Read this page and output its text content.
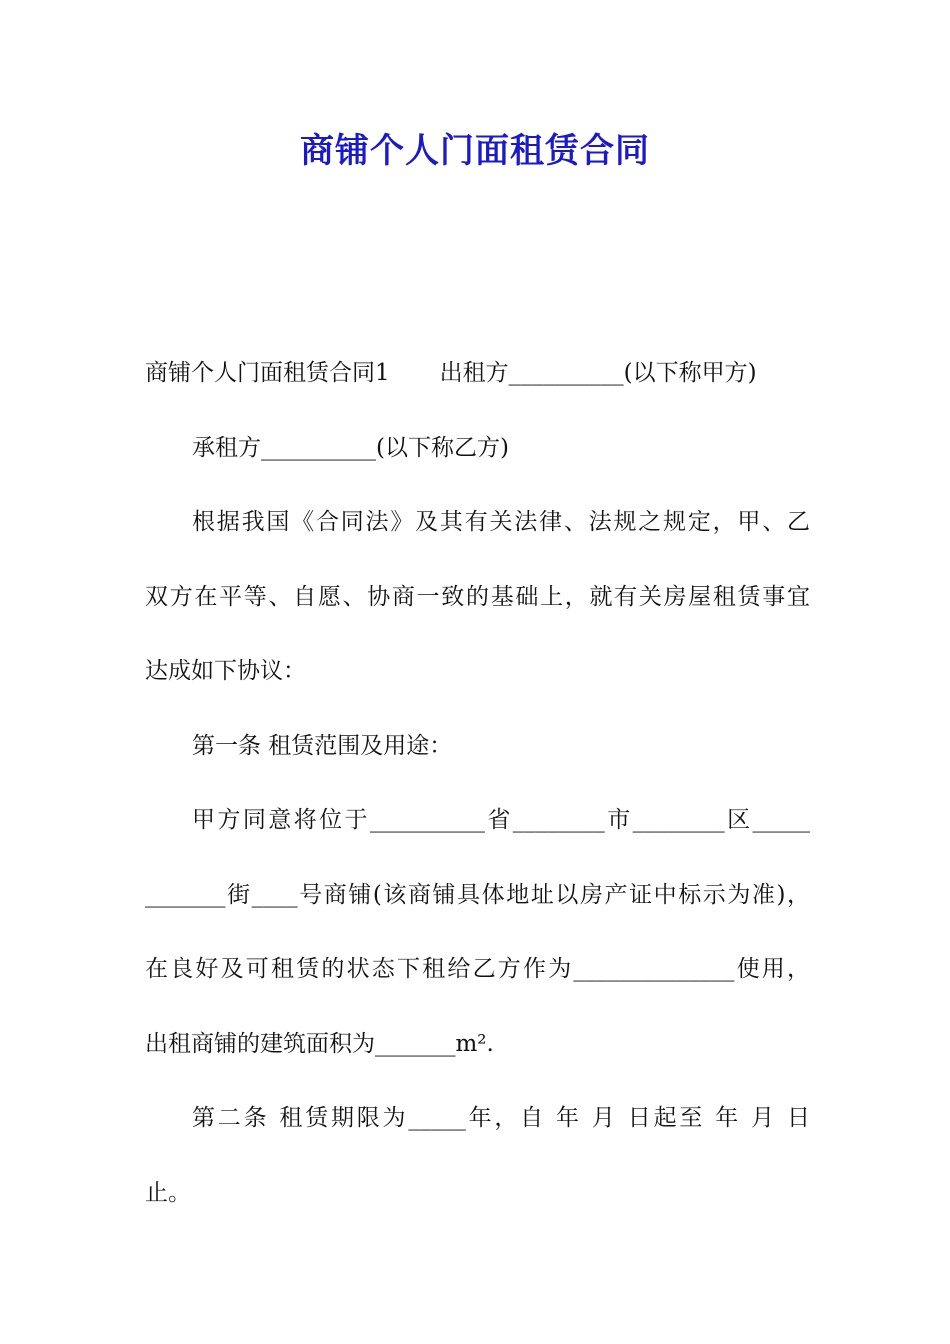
商铺个人门面租赁合同
商铺个人门面租赁合同1 出租方__________(以下称甲方)
承租方__________(以下称乙方)
根据我国《合同法》及其有关法律、法规之规定，甲、乙
双方在平等、自愿、协商一致的基础上，就有关房屋租赁事宜
达成如下协议：
第一条 租赁范围及用途：
甲方同意将位于__________省________市________区_____
_______街____号商铺(该商铺具体地址以房产证中标示为准)，
在良好及可租赁的状态下租给乙方作为______________使用，
出租商铺的建筑面积为_______m².
第二条 租赁期限为_____年，自 年 月 日起至 年 月 日
止。
